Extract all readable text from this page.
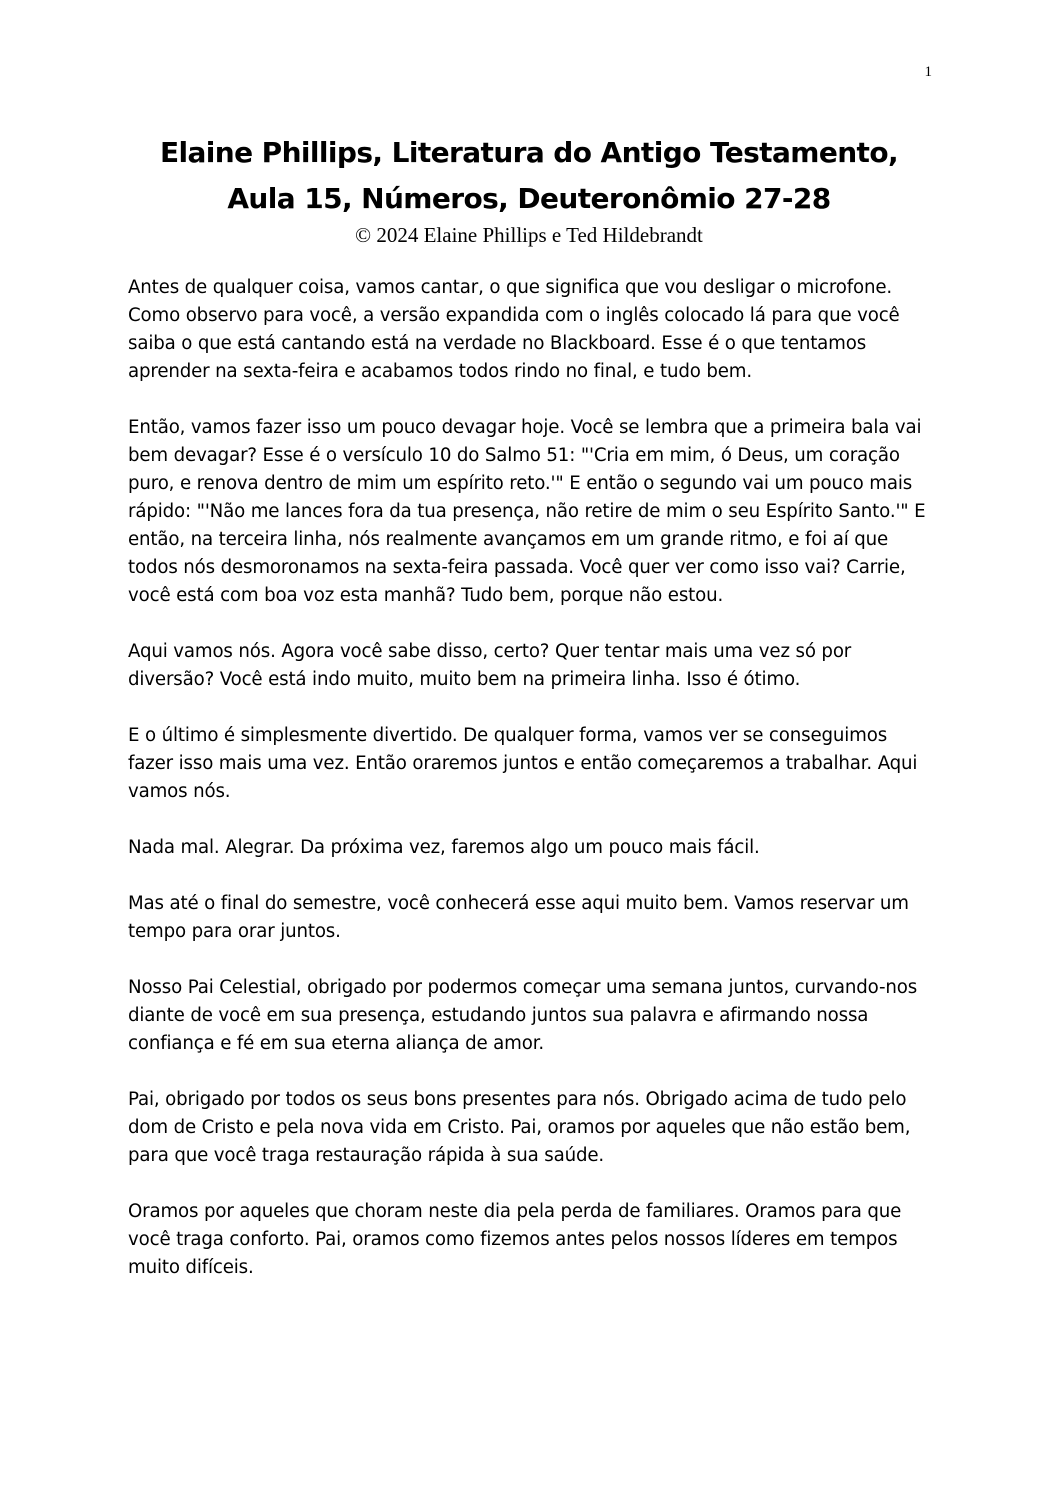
1
Elaine Phillips, Literatura do Antigo Testamento,
Aula 15, Números, Deuteronômio 27-28
© 2024 Elaine Phillips e Ted Hildebrandt

Antes de qualquer coisa, vamos cantar, o que significa que vou desligar o microfone. Como observo para você, a versão expandida com o inglês colocado lá para que você saiba o que está cantando está na verdade no Blackboard. Esse é o que tentamos aprender na sexta-feira e acabamos todos rindo no final, e tudo bem.

Então, vamos fazer isso um pouco devagar hoje. Você se lembra que a primeira bala vai bem devagar? Esse é o versículo 10 do Salmo 51: "'Cria em mim, ó Deus, um coração puro, e renova dentro de mim um espírito reto.'" E então o segundo vai um pouco mais rápido: "'Não me lances fora da tua presença, não retire de mim o seu Espírito Santo.'" E então, na terceira linha, nós realmente avançamos em um grande ritmo, e foi aí que todos nós desmoronamos na sexta-feira passada. Você quer ver como isso vai? Carrie, você está com boa voz esta manhã? Tudo bem, porque não estou.

Aqui vamos nós. Agora você sabe disso, certo? Quer tentar mais uma vez só por diversão? Você está indo muito, muito bem na primeira linha. Isso é ótimo.

E o último é simplesmente divertido. De qualquer forma, vamos ver se conseguimos fazer isso mais uma vez. Então oraremos juntos e então começaremos a trabalhar. Aqui vamos nós.

Nada mal. Alegrar. Da próxima vez, faremos algo um pouco mais fácil.

Mas até o final do semestre, você conhecerá esse aqui muito bem. Vamos reservar um tempo para orar juntos.

Nosso Pai Celestial, obrigado por podermos começar uma semana juntos, curvando-nos diante de você em sua presença, estudando juntos sua palavra e afirmando nossa confiança e fé em sua eterna aliança de amor.

Pai, obrigado por todos os seus bons presentes para nós. Obrigado acima de tudo pelo dom de Cristo e pela nova vida em Cristo. Pai, oramos por aqueles que não estão bem, para que você traga restauração rápida à sua saúde.

Oramos por aqueles que choram neste dia pela perda de familiares. Oramos para que você traga conforto. Pai, oramos como fizemos antes pelos nossos líderes em tempos muito difíceis.
